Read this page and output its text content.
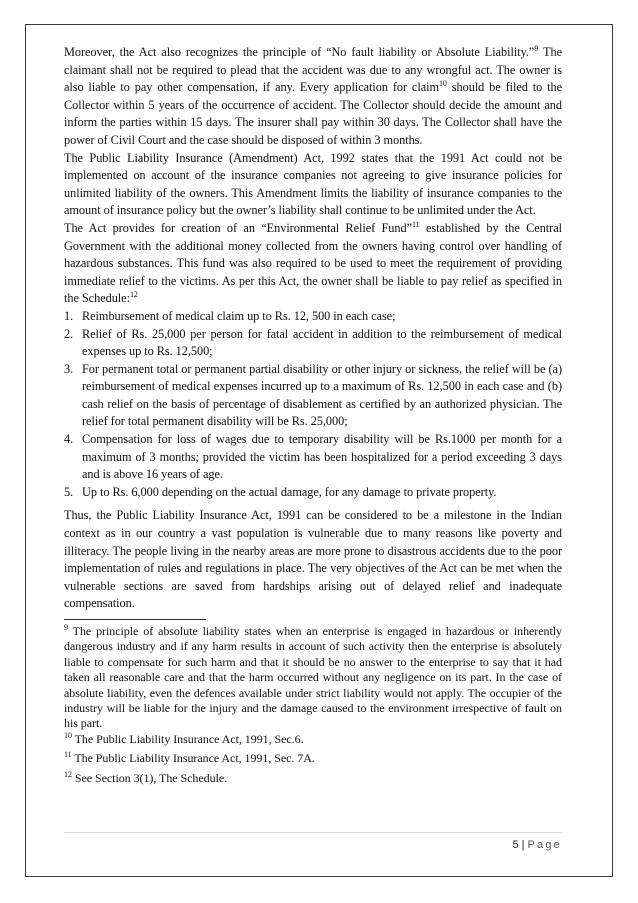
Moreover, the Act also recognizes the principle of “No fault liability or Absolute Liability.”$^9$ The claimant shall not be required to plead that the accident was due to any wrongful act. The owner is also liable to pay other compensation, if any. Every application for claim$^{10}$ should be filed to the Collector within 5 years of the occurrence of accident. The Collector should decide the amount and inform the parties within 15 days. The insurer shall pay within 30 days. The Collector shall have the power of Civil Court and the case should be disposed of within 3 months.

The Public Liability Insurance (Amendment) Act, 1992 states that the 1991 Act could not be implemented on account of the insurance companies not agreeing to give insurance policies for unlimited liability of the owners. This Amendment limits the liability of insurance companies to the amount of insurance policy but the owner’s liability shall continue to be unlimited under the Act.

The Act provides for creation of an “Environmental Relief Fund”$^{11}$ established by the Central Government with the additional money collected from the owners having control over handling of hazardous substances. This fund was also required to be used to meet the requirement of providing immediate relief to the victims. As per this Act, the owner shall be liable to pay relief as specified in the Schedule:$^{12}$

1. Reimbursement of medical claim up to Rs. 12, 500 in each case;
2. Relief of Rs. 25,000 per person for fatal accident in addition to the reimbursement of medical expenses up to Rs. 12,500;
3. For permanent total or permanent partial disability or other injury or sickness, the relief will be (a) reimbursement of medical expenses incurred up to a maximum of Rs. 12,500 in each case and (b) cash relief on the basis of percentage of disablement as certified by an authorized physician. The relief for total permanent disability will be Rs. 25,000;
4. Compensation for loss of wages due to temporary disability will be Rs.1000 per month for a maximum of 3 months; provided the victim has been hospitalized for a period exceeding 3 days and is above 16 years of age.
5. Up to Rs. 6,000 depending on the actual damage, for any damage to private property.

Thus, the Public Liability Insurance Act, 1991 can be considered to be a milestone in the Indian context as in our country a vast population is vulnerable due to many reasons like poverty and illiteracy. The people living in the nearby areas are more prone to disastrous accidents due to the poor implementation of rules and regulations in place. The very objectives of the Act can be met when the vulnerable sections are saved from hardships arising out of delayed relief and inadequate compensation.

$^9$ The principle of absolute liability states when an enterprise is engaged in hazardous or inherently dangerous industry and if any harm results in account of such activity then the enterprise is absolutely liable to compensate for such harm and that it should be no answer to the enterprise to say that it had taken all reasonable care and that the harm occurred without any negligence on its part. In the case of absolute liability, even the defences available under strict liability would not apply. The occupier of the industry will be liable for the injury and the damage caused to the environment irrespective of fault on his part.

$^{10}$ The Public Liability Insurance Act, 1991, Sec.6.

$^{11}$ The Public Liability Insurance Act, 1991, Sec. 7A.

$^{12}$ See Section 3(1), The Schedule.

5 | Page
